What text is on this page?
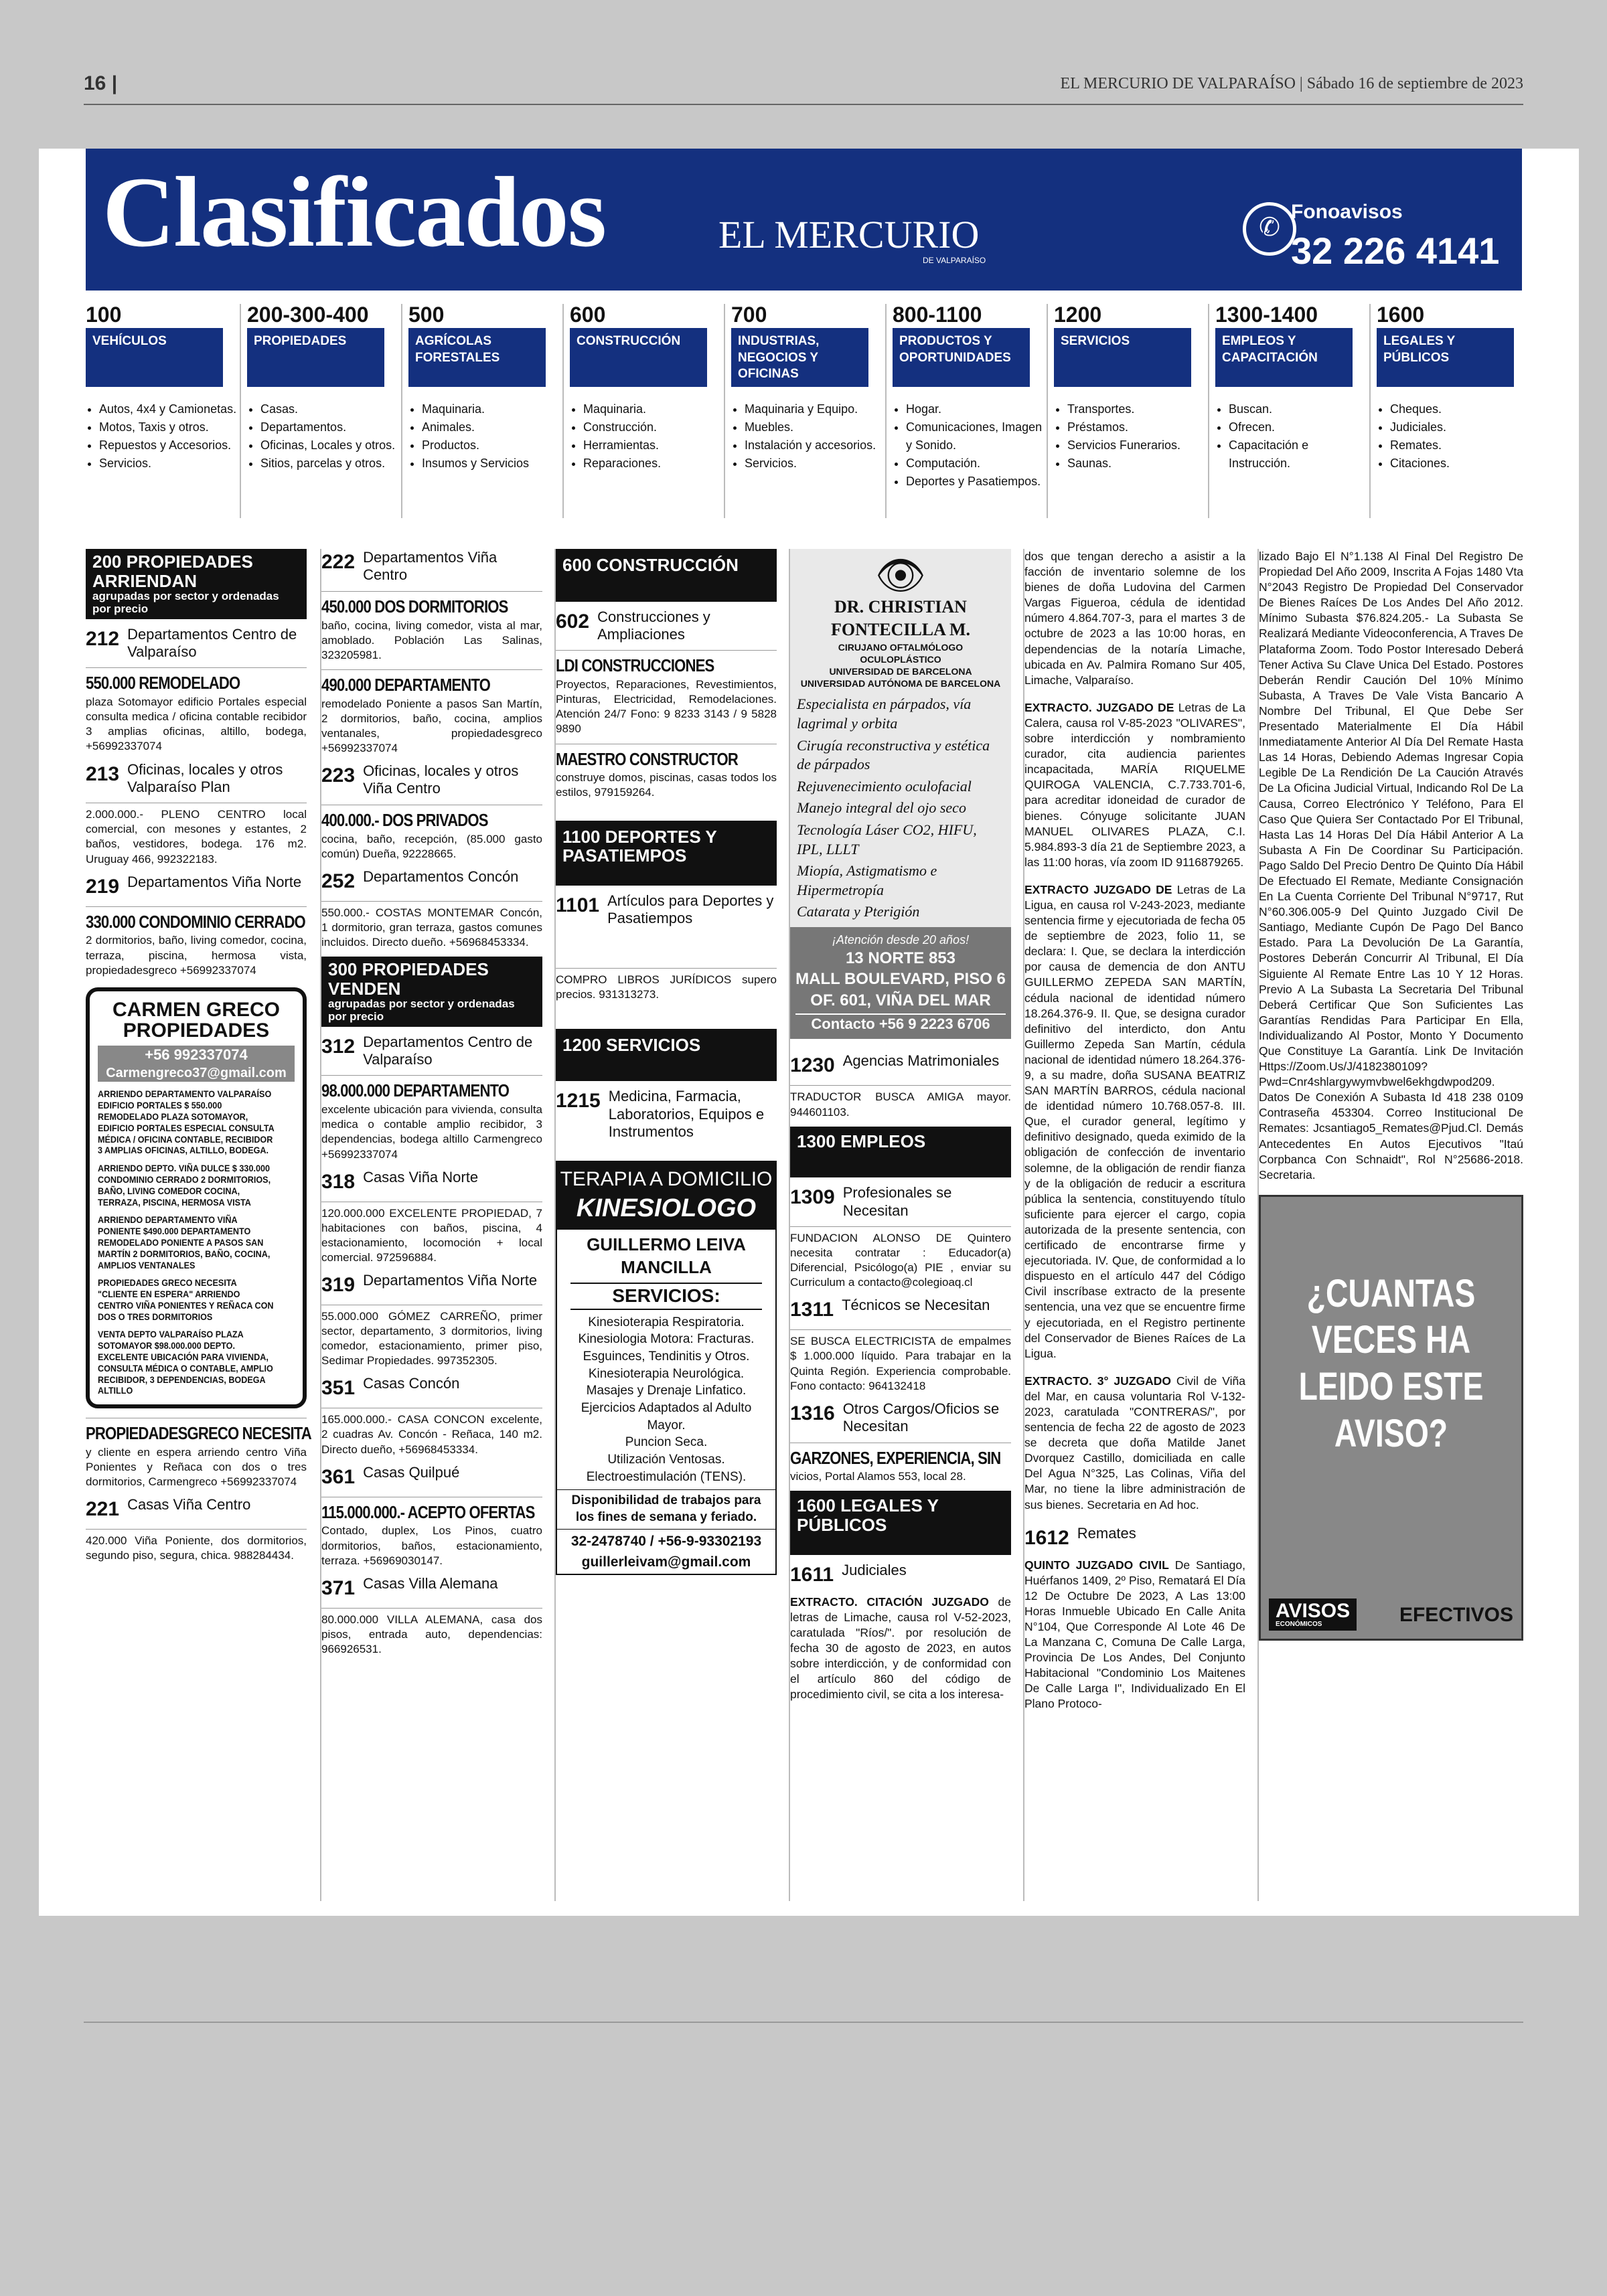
16 |	EL MERCURIO DE VALPARAÍSO | Sábado 16 de septiembre de 2023
Clasificados	EL MERCURIO
DE VALPARAÍSO
✆
Fonoavisos
32 226 4141
100
VEHÍCULOS
• Autos, 4x4 y Camionetas.
• Motos, Taxis y otros.
• Repuestos y Accesorios.
• Servicios.
200-300-400
PROPIEDADES
• Casas.
• Departamentos.
• Oficinas, Locales y otros.
• Sitios, parcelas y otros.
500
AGRÍCOLAS FORESTALES
• Maquinaria.
• Animales.
• Productos.
• Insumos y Servicios
600
CONSTRUCCIÓN
• Maquinaria.
• Construcción.
• Herramientas.
• Reparaciones.
700
INDUSTRIAS, NEGOCIOS Y OFICINAS
• Maquinaria y Equipo.
• Muebles.
• Instalación y accesorios.
• Servicios.
800-1100
PRODUCTOS Y OPORTUNIDADES
• Hogar.
• Comunicaciones, Imagen y Sonido.
• Computación.
• Deportes y Pasatiempos.
1200
SERVICIOS
• Transportes.
• Préstamos.
• Servicios Funerarios.
• Saunas.
1300-1400
EMPLEOS Y CAPACITACIÓN
• Buscan.
• Ofrecen.
• Capacitación e Instrucción.
1600
LEGALES Y PÚBLICOS
• Cheques.
• Judiciales.
• Remates.
• Citaciones.
200 PROPIEDADES ARRIENDAN
agrupadas por sector y ordenadas por precio
212 Departamentos Centro de Valparaíso
550.000 REMODELADO
plaza Sotomayor edificio Portales especial consulta medica / oficina contable recibidor 3 amplias oficinas, altillo, bodega, +56992337074
213 Oficinas, locales y otros Valparaíso Plan
2.000.000.- PLENO CENTRO local comercial, con mesones y estantes, 2 baños, vestidores, bodega. 176 m2. Uruguay 466, 992322183.
219 Departamentos Viña Norte
330.000 CONDOMINIO CERRADO
2 dormitorios, baño, living comedor, cocina, terraza, piscina, hermosa vista, propiedadesgreco +56992337074
CARMEN GRECO PROPIEDADES
+56 992337074
Carmengreco37@gmail.com
ARRIENDO DEPARTAMENTO VALPARAÍSO EDIFICIO PORTALES $ 550.000 REMODELADO PLAZA SOTOMAYOR, EDIFICIO PORTALES ESPECIAL CONSULTA MÉDICA / OFICINA CONTABLE, RECIBIDOR 3 AMPLIAS OFICINAS, ALTILLO, BODEGA.
ARRIENDO DEPTO. VIÑA DULCE $ 330.000 CONDOMINIO CERRADO 2 DORMITORIOS, BAÑO, LIVING COMEDOR COCINA, TERRAZA, PISCINA, HERMOSA VISTA
ARRIENDO DEPARTAMENTO VIÑA PONIENTE $490.000 DEPARTAMENTO REMODELADO PONIENTE A PASOS SAN MARTÍN 2 DORMITORIOS, BAÑO, COCINA, AMPLIOS VENTANALES
PROPIEDADES GRECO NECESITA "CLIENTE EN ESPERA" ARRIENDO CENTRO VIÑA PONIENTES Y REÑACA CON DOS O TRES DORMITORIOS
VENTA DEPTO VALPARAÍSO PLAZA SOTOMAYOR $98.000.000 DEPTO. EXCELENTE UBICACIÓN PARA VIVIENDA, CONSULTA MÉDICA O CONTABLE, AMPLIO RECIBIDOR, 3 DEPENDENCIAS, BODEGA ALTILLO
PROPIEDADESGRECO NECESITA
y cliente en espera arriendo centro Viña Ponientes y Reñaca con dos o tres dormitorios, Carmengreco +56992337074
221 Casas Viña Centro
420.000 Viña Poniente, dos dormitorios, segundo piso, segura, chica. 988284434.
222 Departamentos Viña Centro
450.000 DOS DORMITORIOS
baño, cocina, living comedor, vista al mar, amoblado. Población Las Salinas, 323205981.
490.000 DEPARTAMENTO
remodelado Poniente a pasos San Martín, 2 dormitorios, baño, cocina, amplios ventanales, propiedadesgreco +56992337074
223 Oficinas, locales y otros Viña Centro
400.000.- DOS PRIVADOS
cocina, baño, recepción, (85.000 gasto común) Dueña, 92228665.
252 Departamentos Concón
550.000.- COSTAS MONTEMAR Concón, 1 dormitorio, gran terraza, gastos comunes incluidos. Directo dueño. +56968453334.
300 PROPIEDADES VENDEN
agrupadas por sector y ordenadas por precio
312 Departamentos Centro de Valparaíso
98.000.000 DEPARTAMENTO
excelente ubicación para vivienda, consulta medica o contable amplio recibidor, 3 dependencias, bodega altillo Carmengreco +56992337074
318 Casas Viña Norte
120.000.000 EXCELENTE PROPIEDAD, 7 habitaciones con baños, piscina, 4 estacionamiento, locomoción + local comercial. 972596884.
319 Departamentos Viña Norte
55.000.000 GÓMEZ CARREÑO, primer sector, departamento, 3 dormitorios, living comedor, estacionamiento, primer piso, Sedimar Propiedades. 997352305.
351 Casas Concón
165.000.000.- CASA CONCON excelente, 2 cuadras Av. Concón - Reñaca, 140 m2. Directo dueño, +56968453334.
361 Casas Quilpué
115.000.000.- ACEPTO OFERTAS
Contado, duplex, Los Pinos, cuatro dormitorios, baños, estacionamiento, terraza. +56969030147.
371 Casas Villa Alemana
80.000.000 VILLA ALEMANA, casa dos pisos, entrada auto, dependencias: 966926531.
600 CONSTRUCCIÓN
602 Construcciones y Ampliaciones
LDI CONSTRUCCIONES
Proyectos, Reparaciones, Revestimientos, Pinturas, Electricidad, Remodelaciones. Atención 24/7 Fono: 9 8233 3143 / 9 5828 9890
MAESTRO CONSTRUCTOR
construye domos, piscinas, casas todos los estilos, 979159264.
1100 DEPORTES Y PASATIEMPOS
1101 Artículos para Deportes y Pasatiempos
COMPRO LIBROS JURÍDICOS supero precios. 931313273.
1200 SERVICIOS
1215 Medicina, Farmacia, Laboratorios, Equipos e Instrumentos
TERAPIA A DOMICILIO
KINESIOLOGO
GUILLERMO LEIVA MANCILLA
SERVICIOS:
Kinesioterapia Respiratoria.
Kinesiologia Motora: Fracturas.
Esguinces, Tendinitis y Otros.
Kinesioterapia Neurológica.
Masajes y Drenaje Linfatico.
Ejercicios Adaptados al Adulto Mayor.
Puncion Seca.
Utilización Ventosas.
Electroestimulación (TENS).
Disponibilidad de trabajos para los fines de semana y feriado.
32-2478740 / +56-9-93302193
guillerleivam@gmail.com
👁
DR. CHRISTIAN FONTECILLA M.
CIRUJANO OFTALMÓLOGO OCULOPLÁSTICO
UNIVERSIDAD DE BARCELONA
UNIVERSIDAD AUTÓNOMA DE BARCELONA
Especialista en párpados, vía lagrimal y orbita
Cirugía reconstructiva y estética de párpados
Rejuvenecimiento oculofacial
Manejo integral del ojo seco
Tecnología Láser CO2, HIFU, IPL, LLLT
Miopía, Astigmatismo e Hipermetropía
Catarata y Pterigión
¡Atención desde 20 años!
13 NORTE 853
MALL BOULEVARD, PISO 6
OF. 601, VIÑA DEL MAR
Contacto +56 9 2223 6706
1230 Agencias Matrimoniales
TRADUCTOR BUSCA AMIGA mayor. 944601103.
1300 EMPLEOS
1309 Profesionales se Necesitan
FUNDACION ALONSO DE Quintero necesita contratar : Educador(a) Diferencial, Psicólogo(a) PIE , enviar su Curriculum a contacto@colegioaq.cl
1311 Técnicos se Necesitan
SE BUSCA ELECTRICISTA de empalmes $ 1.000.000 líquido. Para trabajar en la Quinta Región. Experiencia comprobable. Fono contacto: 964132418
1316 Otros Cargos/Oficios se Necesitan
GARZONES, EXPERIENCIA, SIN
vicios, Portal Alamos 553, local 28.
1600 LEGALES Y PÚBLICOS
1611 Judiciales
EXTRACTO. CITACIÓN JUZGADO de letras de Limache, causa rol V-52-2023, caratulada "Ríos/". por resolución de fecha 30 de agosto de 2023, en autos sobre interdicción, y de conformidad con el artículo 860 del código de procedimiento civil, se cita a los interesa-
dos que tengan derecho a asistir a la facción de inventario solemne de los bienes de doña Ludovina del Carmen Vargas Figueroa, cédula de identidad número 4.864.707-3, para el martes 3 de octubre de 2023 a las 10:00 horas, en dependencias de la notaría Limache, ubicada en Av. Palmira Romano Sur 405, Limache, Valparaíso.
EXTRACTO. JUZGADO DE Letras de La Calera, causa rol V-85-2023 "OLIVARES", sobre interdicción y nombramiento curador, cita audiencia parientes incapacitada, MARÍA RIQUELME QUIROGA VALENCIA, C.7.733.701-6, para acreditar idoneidad de curador de bienes. Cónyuge solicitante JUAN MANUEL OLIVARES PLAZA, C.I. 5.984.893-3 día 21 de Septiembre 2023, a las 11:00 horas, vía zoom ID 9116879265.
EXTRACTO JUZGADO DE Letras de La Ligua, en causa rol V-243-2023, mediante sentencia firme y ejecutoriada de fecha 05 de septiembre de 2023, folio 11, se declara: I. Que, se declara la interdicción por causa de demencia de don ANTU GUILLERMO ZEPEDA SAN MARTÍN, cédula nacional de identidad número 18.264.376-9. II. Que, se designa curador definitivo del interdicto, don Antu Guillermo Zepeda San Martín, cédula nacional de identidad número 18.264.376-9, a su madre, doña SUSANA BEATRIZ SAN MARTÍN BARROS, cédula nacional de identidad número 10.768.057-8. III. Que, el curador general, legítimo y definitivo designado, queda eximido de la obligación de confección de inventario solemne, de la obligación de rendir fianza y de la obligación de reducir a escritura pública la sentencia, constituyendo título suficiente para ejercer el cargo, copia autorizada de la presente sentencia, con certificado de encontrarse firme y ejecutoriada. IV. Que, de conformidad a lo dispuesto en el artículo 447 del Código Civil inscríbase extracto de la presente sentencia, una vez que se encuentre firme y ejecutoriada, en el Registro pertinente del Conservador de Bienes Raíces de La Ligua.
EXTRACTO. 3° JUZGADO Civil de Viña del Mar, en causa voluntaria Rol V-132-2023, caratulada "CONTRERAS/", por sentencia de fecha 22 de agosto de 2023 se decreta que doña Matilde Janet Dvorquez Castillo, domiciliada en calle Del Agua N°325, Las Colinas, Viña del Mar, no tiene la libre administración de sus bienes. Secretaria en Ad hoc.
1612 Remates
QUINTO JUZGADO CIVIL De Santiago, Huérfanos 1409, 2º Piso, Rematará El Día 12 De Octubre De 2023, A Las 13:00 Horas Inmueble Ubicado En Calle Anita N°104, Que Corresponde Al Lote 46 De La Manzana C, Comuna De Calle Larga, Provincia De Los Andes, Del Conjunto Habitacional "Condominio Los Maitenes De Calle Larga I", Individualizado En El Plano Protoco-
lizado Bajo El N°1.138 Al Final Del Registro De Propiedad Del Año 2009, Inscrita A Fojas 1480 Vta N°2043 Registro De Propiedad Del Conservador De Bienes Raíces De Los Andes Del Año 2012. Mínimo Subasta $76.824.205.- La Subasta Se Realizará Mediante Videoconferencia, A Traves De Plataforma Zoom. Todo Postor Interesado Deberá Tener Activa Su Clave Unica Del Estado. Postores Deberán Rendir Caución Del 10% Mínimo Subasta, A Traves De Vale Vista Bancario A Nombre Del Tribunal, El Que Debe Ser Presentado Materialmente El Día Hábil Inmediatamente Anterior Al Día Del Remate Hasta Las 14 Horas, Debiendo Ademas Ingresar Copia Legible De La Rendición De La Caución Através De La Oficina Judicial Virtual, Indicando Rol De La Causa, Correo Electrónico Y Teléfono, Para El Caso Que Quiera Ser Contactado Por El Tribunal, Hasta Las 14 Horas Del Día Hábil Anterior A La Subasta A Fin De Coordinar Su Participación. Pago Saldo Del Precio Dentro De Quinto Día Hábil De Efectuado El Remate, Mediante Consignación En La Cuenta Corriente Del Tribunal N°9717, Rut N°60.306.005-9 Del Quinto Juzgado Civil De Santiago, Mediante Cupón De Pago Del Banco Estado. Para La Devolución De La Garantía, Postores Deberán Concurrir Al Tribunal, El Día Siguiente Al Remate Entre Las 10 Y 12 Horas. Previo A La Subasta La Secretaria Del Tribunal Deberá Certificar Que Son Suficientes Las Garantías Rendidas Para Participar En Ella, Individualizando Al Postor, Monto Y Documento Que Constituye La Garantía. Link De Invitación Https://Zoom.Us/J/4182380109?Pwd=Cnr4shlargywymvbwel6ekhgdwpod209. Datos De Conexión A Subasta Id 418 238 0109 Contraseña 453304. Correo Institucional De Remates: Jcsantiago5_Remates@Pjud.Cl. Demás Antecedentes En Autos Ejecutivos "Itaú Corpbanca Con Schnaidt", Rol N°25686-2018. Secretaria.
¿CUANTAS VECES HA LEIDO ESTE AVISO?
AVISOS
ECONÓMICOS	EFECTIVOS
